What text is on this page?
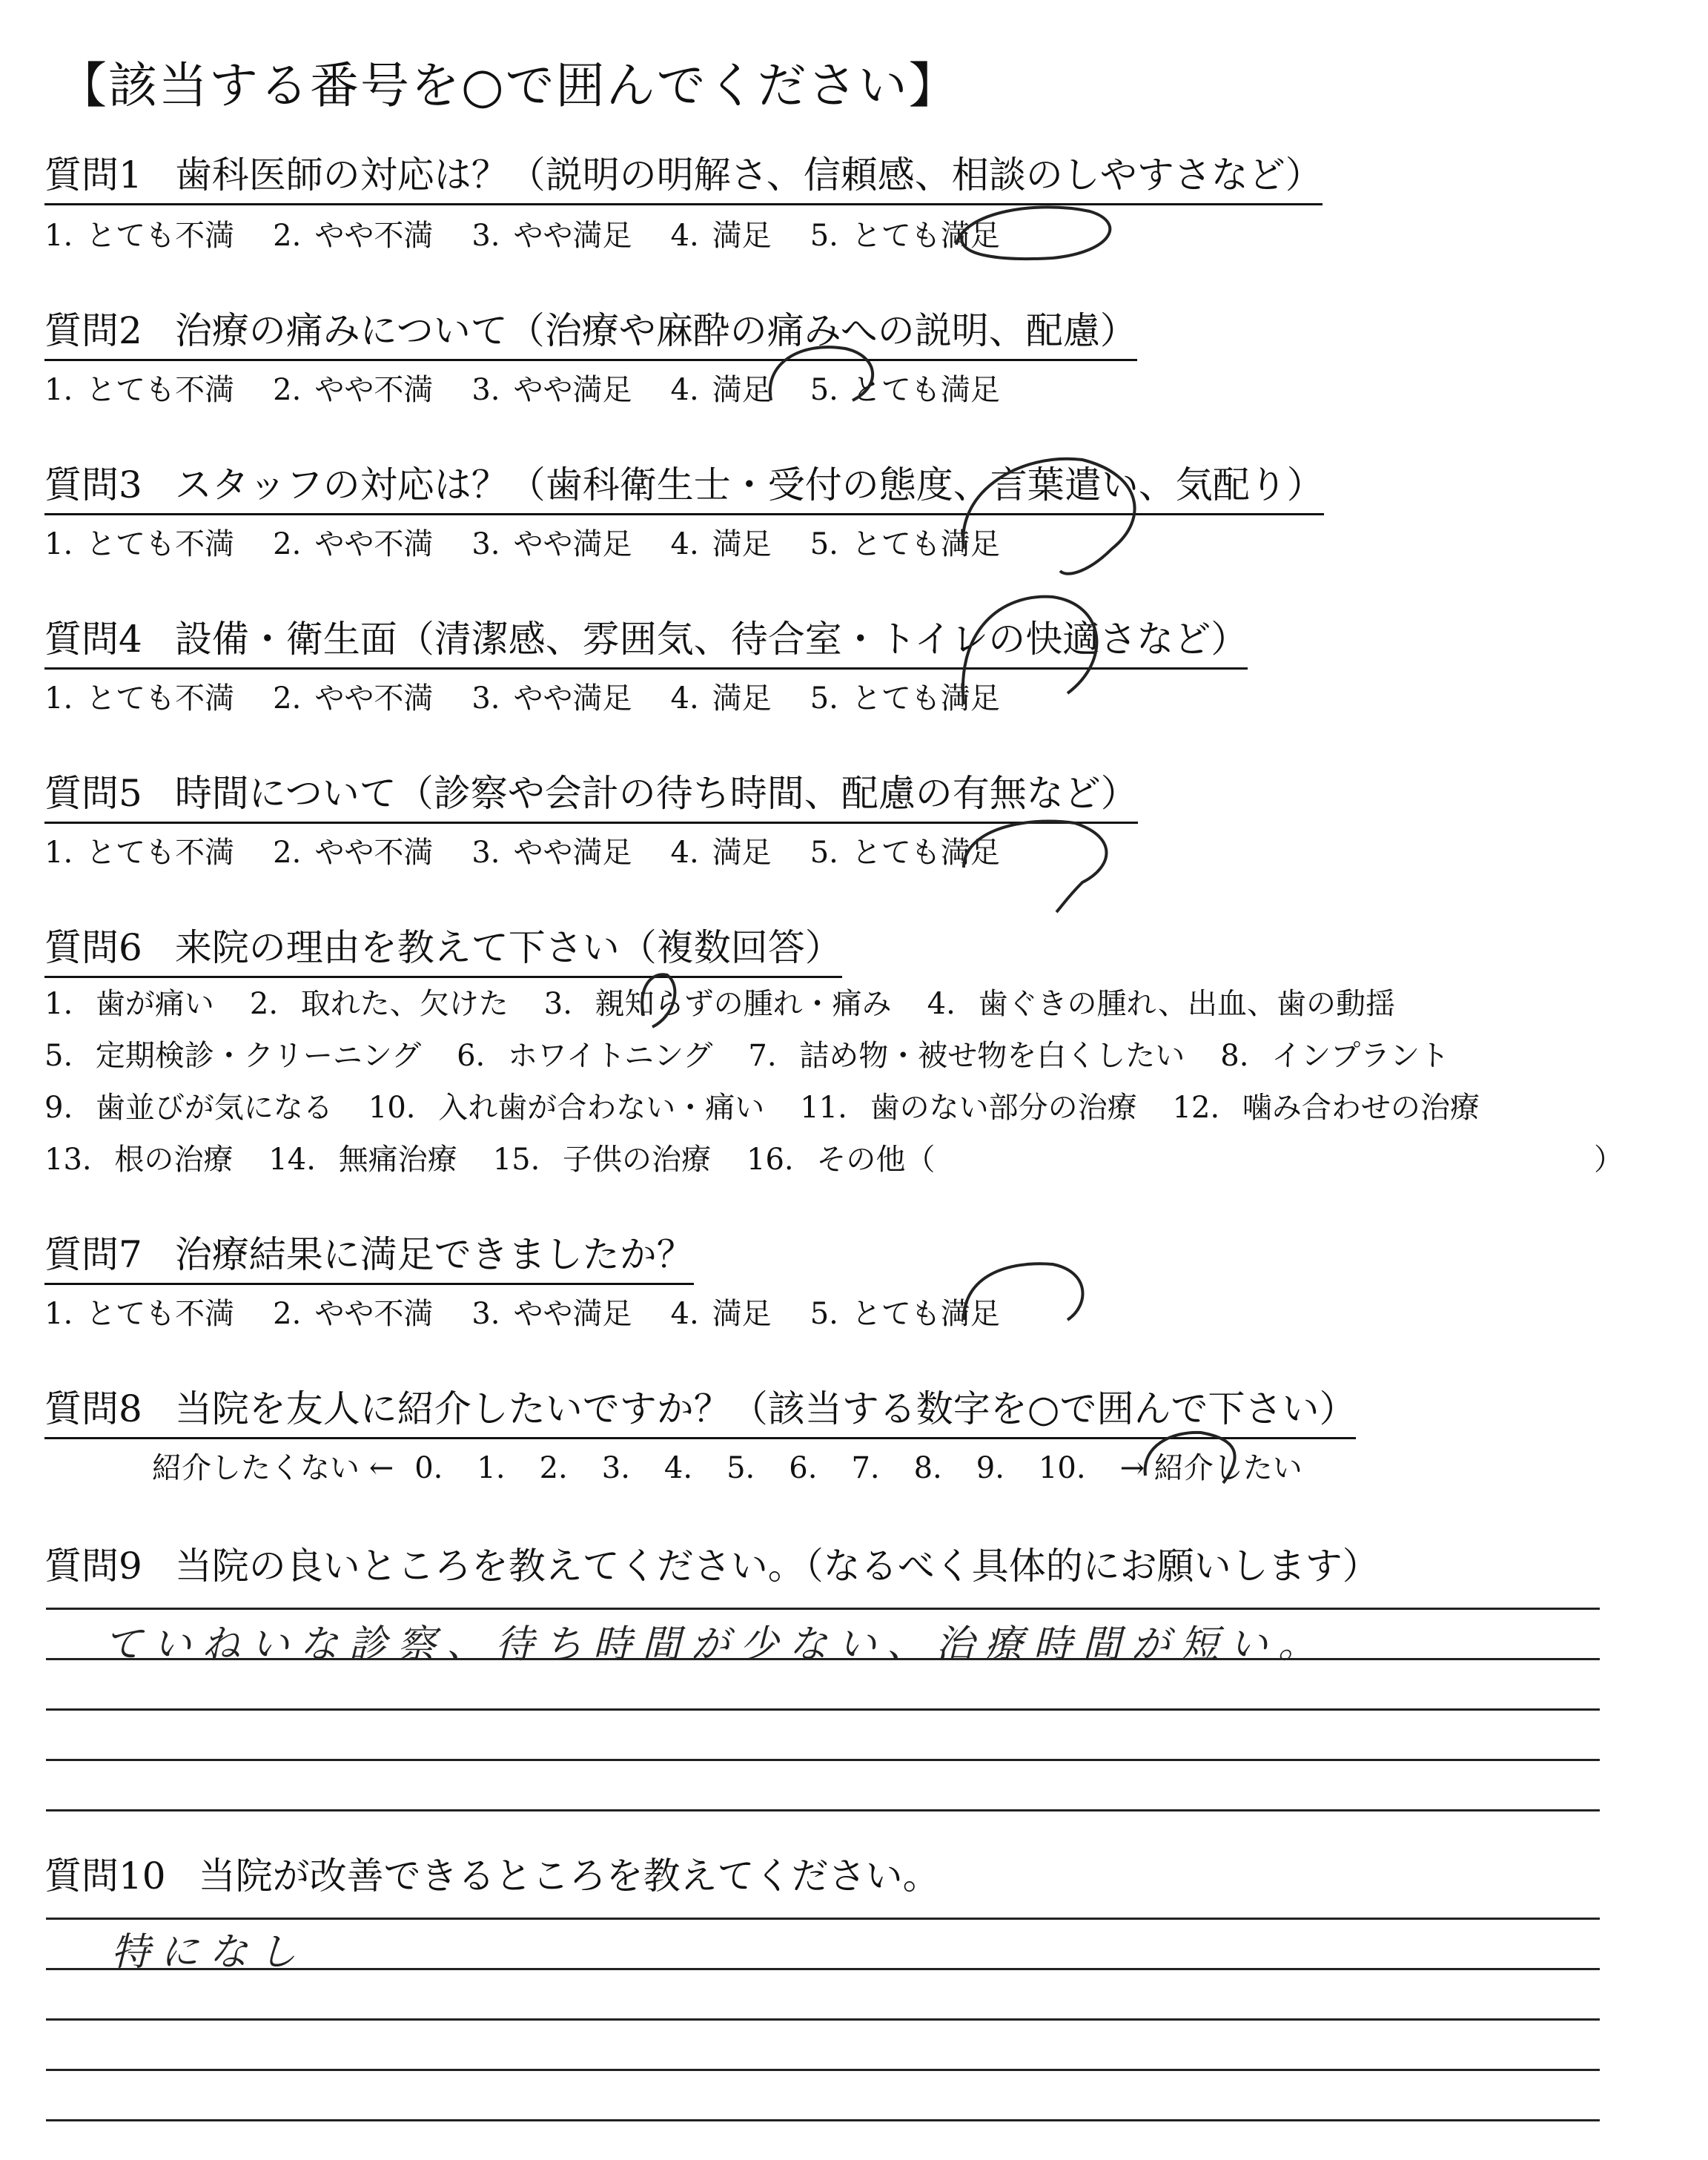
【該当する番号を○で囲んでください】
質問1 歯科医師の対応は？（説明の明解さ、信頼感、相談のしやすさなど）
1. とても不満 2. やや不満 3. やや満足 4. 満足 5. とても満足
質問2 治療の痛みについて（治療や麻酔の痛みへの説明、配慮）
1. とても不満 2. やや不満 3. やや満足 4. 満足 5. とても満足
質問3 スタッフの対応は？（歯科衛生士・受付の態度、言葉遣い、気配り）
1. とても不満 2. やや不満 3. やや満足 4. 満足 5. とても満足
質問4 設備・衛生面（清潔感、雰囲気、待合室・トイレの快適さなど）
1. とても不満 2. やや不満 3. やや満足 4. 満足 5. とても満足
質問5 時間について（診察や会計の待ち時間、配慮の有無など）
1. とても不満 2. やや不満 3. やや満足 4. 満足 5. とても満足
質問6 来院の理由を教えて下さい（複数回答）
1. 歯が痛い 2. 取れた、欠けた 3. 親知らずの腫れ・痛み 4. 歯ぐきの腫れ、出血、歯の動揺
5. 定期検診・クリーニング 6. ホワイトニング 7. 詰め物・被せ物を白くしたい 8. インプラント
9. 歯並びが気になる 10. 入れ歯が合わない・痛い 11. 歯のない部分の治療 12. 噛み合わせの治療
13. 根の治療 14. 無痛治療 15. 子供の治療 16. その他（	）
質問7 治療結果に満足できましたか？
1. とても不満 2. やや不満 3. やや満足 4. 満足 5. とても満足
質問8 当院を友人に紹介したいですか？（該当する数字を○で囲んで下さい）
紹介したくない ← 0. 1. 2. 3. 4. 5. 6. 7. 8. 9. 10. → 紹介したい
質問9 当院の良いところを教えてください。（なるべく具体的にお願いします）
ていねいな診察、待ち時間が少ない、治療時間が短い。
質問10 当院が改善できるところを教えてください。
特になし
